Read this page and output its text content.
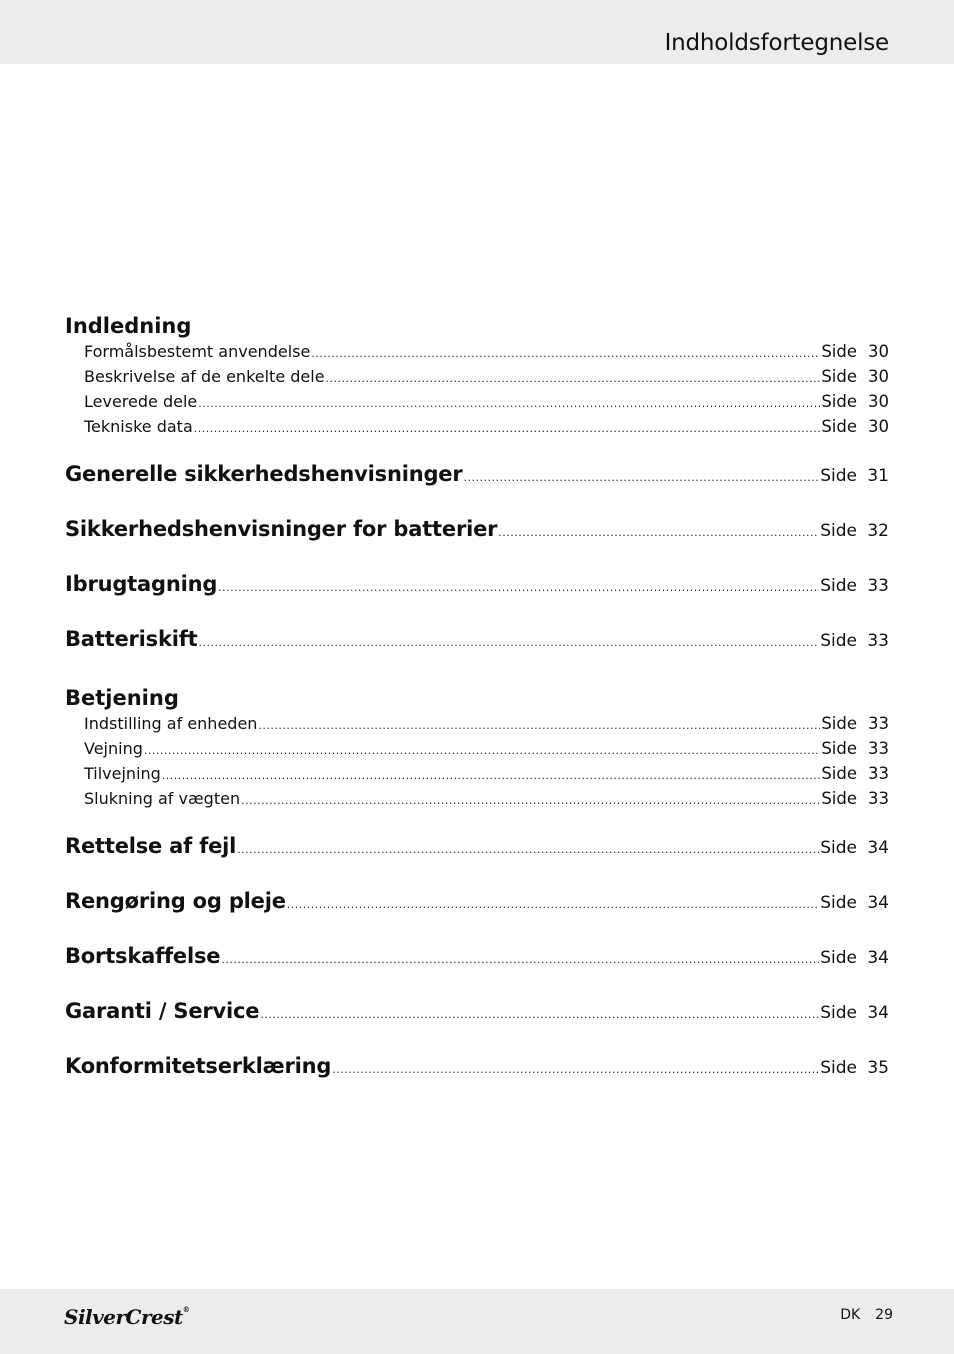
Indholdsfortegnelse
Indledning
Formålsbestemt anvendelse .....	Side 30
Beskrivelse af de enkelte dele .....	Side 30
Leverede dele .....	Side 30
Tekniske data .....	Side 30
Generelle sikkerhedshenvisninger .....	Side 31
Sikkerhedshenvisninger for batterier .....	Side 32
Ibrugtagning .....	Side 33
Batteriskift .....	Side 33
Betjening
Indstilling af enheden .....	Side 33
Vejning .....	Side 33
Tilvejning .....	Side 33
Slukning af vægten .....	Side 33
Rettelse af fejl .....	Side 34
Rengøring og pleje .....	Side 34
Bortskaffelse .....	Side 34
Garanti / Service .....	Side 34
Konformitetserklæring .....	Side 35
SilverCrest®	DK 29
